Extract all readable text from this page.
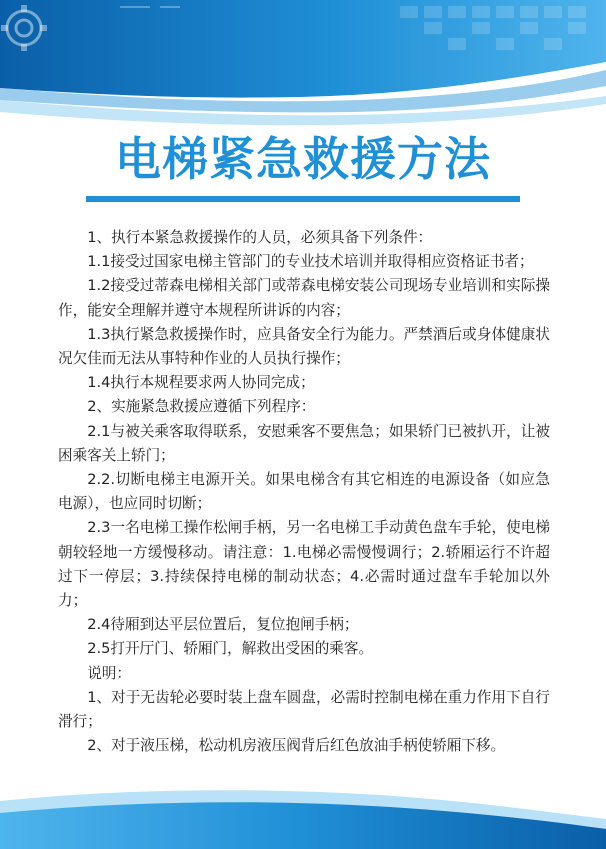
电梯紧急救援方法

1、执行本紧急救援操作的人员，必须具备下列条件：

1.1接受过国家电梯主管部门的专业技术培训并取得相应资格证书者；

1.2接受过蒂森电梯相关部门或蒂森电梯安装公司现场专业培训和实际操作，能安全理解并遵守本规程所讲诉的内容；

1.3执行紧急救援操作时，应具备安全行为能力。严禁酒后或身体健康状况欠佳而无法从事特种作业的人员执行操作；

1.4执行本规程要求两人协同完成；

2、实施紧急救援应遵循下列程序：

2.1与被关乘客取得联系，安慰乘客不要焦急；如果轿门已被扒开，让被困乘客关上轿门；

2.2.切断电梯主电源开关。如果电梯含有其它相连的电源设备（如应急电源），也应同时切断；

2.3一名电梯工操作松闸手柄，另一名电梯工手动黄色盘车手轮，使电梯朝较轻地一方缓慢移动。请注意：1.电梯必需慢慢调行；2.轿厢运行不许超过下一停层；3.持续保持电梯的制动状态；4.必需时通过盘车手轮加以外力；

2.4待厢到达平层位置后，复位抱闸手柄；

2.5打开厅门、轿厢门，解救出受困的乘客。

说明：

1、对于无齿轮必要时装上盘车圆盘，必需时控制电梯在重力作用下自行滑行；

2、对于液压梯，松动机房液压阀背后红色放油手柄使轿厢下移。
